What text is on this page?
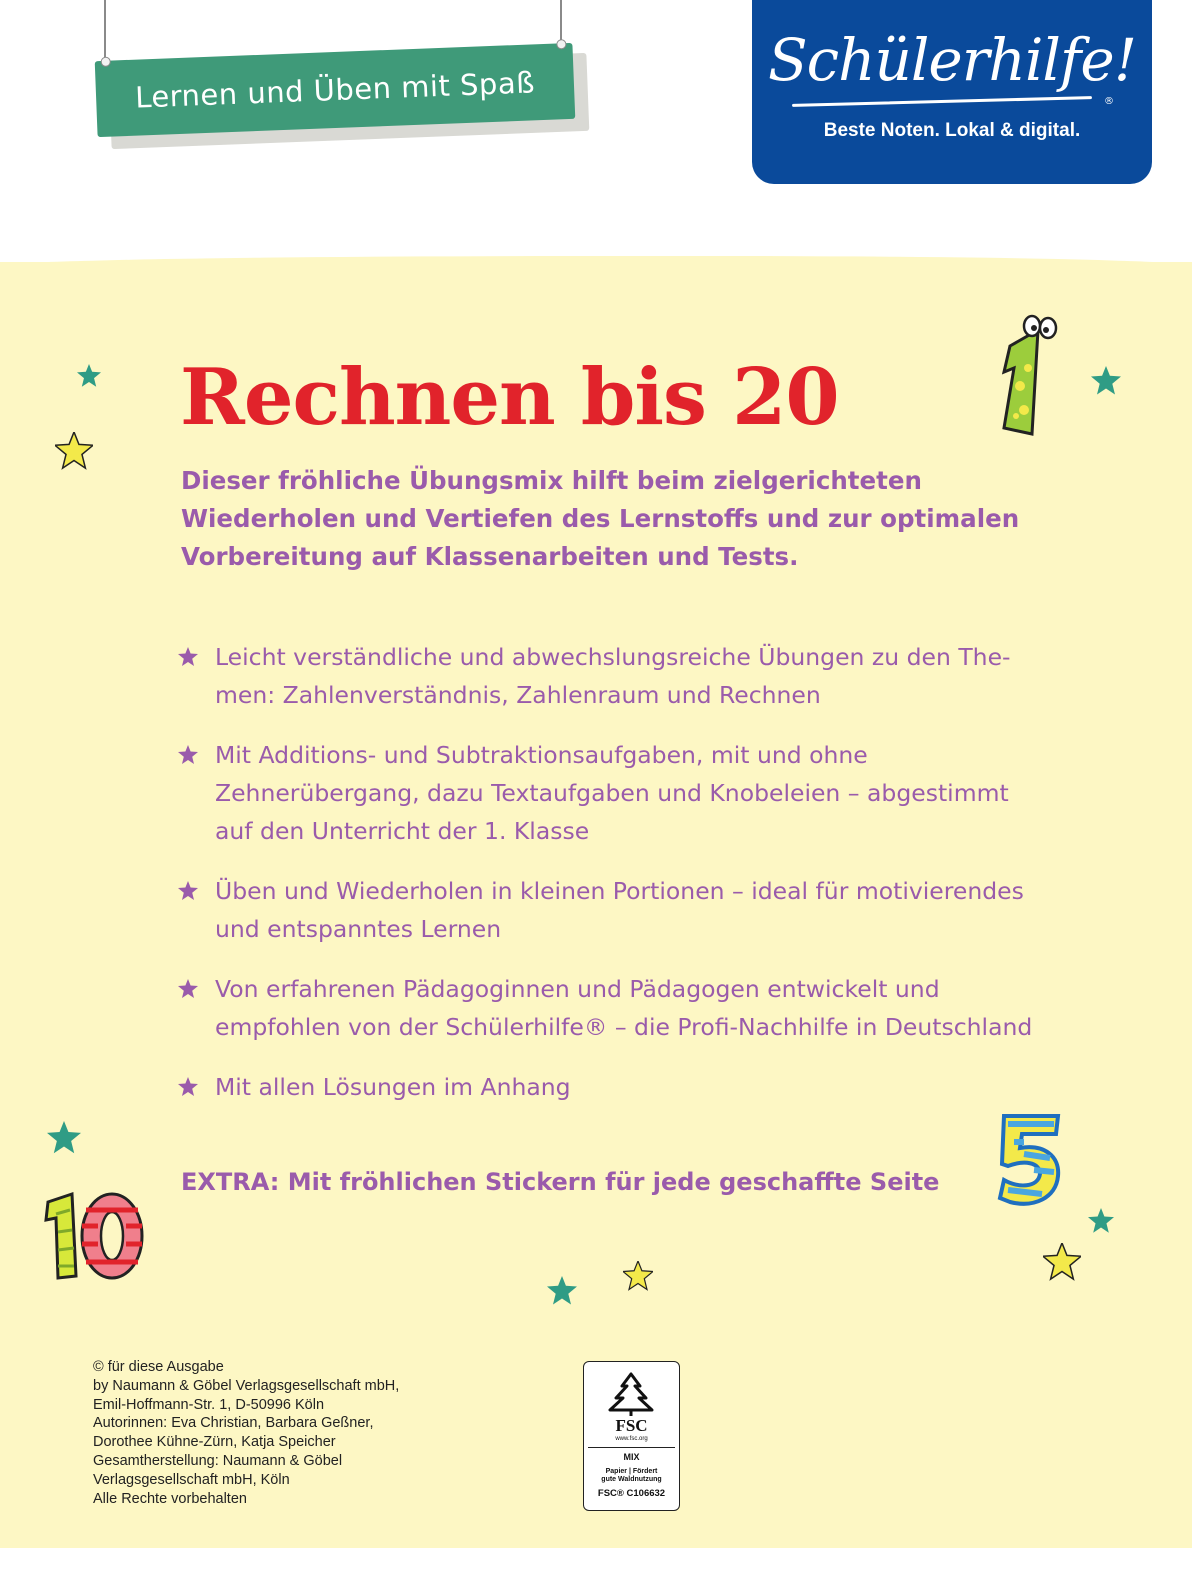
Lernen und Üben mit Spaß	Schülerhilfe!
®
Beste Noten. Lokal & digital.
Rechnen bis 20

Dieser fröhliche Übungsmix hilft beim zielgerichteten
Wiederholen und Vertiefen des Lernstoffs und zur optimalen
Vorbereitung auf Klassenarbeiten und Tests.

Leicht verständliche und abwechslungsreiche Übungen zu den The-
men: Zahlenverständnis, Zahlenraum und Rechnen
Mit Additions- und Subtraktionsaufgaben, mit und ohne
Zehnerübergang, dazu Textaufgaben und Knobeleien – abgestimmt
auf den Unterricht der 1. Klasse
Üben und Wiederholen in kleinen Portionen – ideal für motivierendes
und entspanntes Lernen
Von erfahrenen Pädagoginnen und Pädagogen entwickelt und
empfohlen von der Schülerhilfe® – die Profi-Nachhilfe in Deutschland
Mit allen Lösungen im Anhang

EXTRA: Mit fröhlichen Stickern für jede geschaffte Seite

© für diese Ausgabe
by Naumann & Göbel Verlagsgesellschaft mbH,
Emil-Hoffmann-Str. 1, D-50996 Köln
Autorinnen: Eva Christian, Barbara Geßner,
Dorothee Kühne-Zürn, Katja Speicher
Gesamtherstellung: Naumann & Göbel
Verlagsgesellschaft mbH, Köln
Alle Rechte vorbehalten
FSC
www.fsc.org
MIX
Papier | Fördert
gute Waldnutzung
FSC® C106632
